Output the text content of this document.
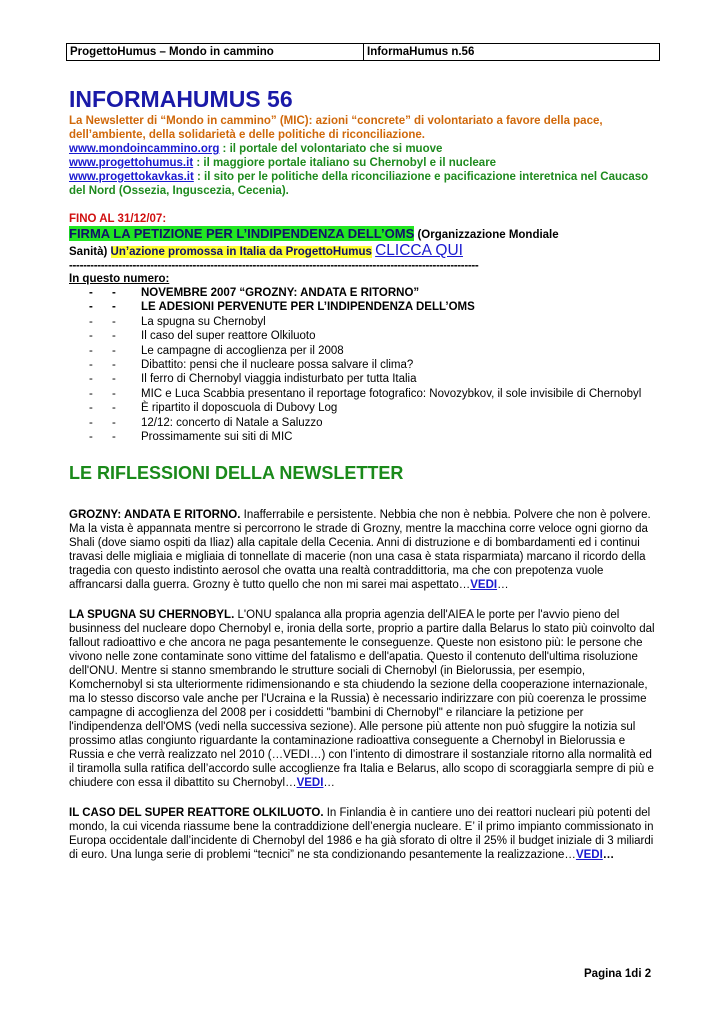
ProgettoHumus – Mondo in cammino	InformaHumus n.56
INFORMAHUMUS 56
La Newsletter di “Mondo in cammino” (MIC): azioni “concrete” di volontariato a favore della pace, dell’ambiente, della solidarietà e delle politiche di riconciliazione.
www.mondoincammino.org : il portale del volontariato che si muove
www.progettohumus.it : il maggiore portale italiano su Chernobyl e il nucleare
www.progettokavkas.it : il sito per le politiche della riconciliazione e pacificazione interetnica nel Caucaso del Nord (Ossezia, Inguscezia, Cecenia).
FINO AL 31/12/07:
FIRMA LA PETIZIONE PER L’INDIPENDENZA DELL’OMS (Organizzazione Mondiale
Sanità) Un’azione promossa in Italia da ProgettoHumus CLICCA QUI
--------------------------------------------------------------------------------------------------------------------
In questo numero:
- - NOVEMBRE 2007 “GROZNY: ANDATA E RITORNO”
- - LE ADESIONI PERVENUTE PER L’INDIPENDENZA DELL’OMS
- - La spugna su Chernobyl
- - Il caso del super reattore Olkiluoto
- - Le campagne di accoglienza per il 2008
- - Dibattito: pensi che il nucleare possa salvare il clima?
- - Il ferro di Chernobyl viaggia indisturbato per tutta Italia
- - MIC e Luca Scabbia presentano il reportage fotografico: Novozybkov, il sole invisibile di Chernobyl
- - È ripartito il doposcuola di Dubovy Log
- - 12/12: concerto di Natale a Saluzzo
- - Prossimamente sui siti di MIC
LE RIFLESSIONI DELLA NEWSLETTER

GROZNY: ANDATA E RITORNO. Inafferrabile e persistente. Nebbia che non è nebbia. Polvere che non è polvere. Ma la vista è appannata mentre si percorrono le strade di Grozny, mentre la macchina corre veloce ogni giorno da Shali (dove siamo ospiti da Iliaz) alla capitale della Cecenia. Anni di distruzione e di bombardamenti ed i continui travasi delle migliaia e migliaia di tonnellate di macerie (non una casa è stata risparmiata) marcano il ricordo della tragedia con questo indistinto aerosol che ovatta una realtà contraddittoria, ma che con prepotenza vuole affrancarsi dalla guerra. Grozny è tutto quello che non mi sarei mai aspettato…VEDI…

LA SPUGNA SU CHERNOBYL. L'ONU spalanca alla propria agenzia dell'AIEA le porte per l'avvio pieno del businness del nucleare dopo Chernobyl e, ironia della sorte, proprio a partire dalla Belarus lo stato più coinvolto dal fallout radioattivo e che ancora ne paga pesantemente le conseguenze. Queste non esistono più: le persone che vivono nelle zone contaminate sono vittime del fatalismo e dell'apatia. Questo il contenuto dell'ultima risoluzione dell'ONU. Mentre si stanno smembrando le strutture sociali di Chernobyl (in Bielorussia, per esempio, Komchernobyl si sta ulteriormente ridimensionando e sta chiudendo la sezione della cooperazione internazionale, ma lo stesso discorso vale anche per l'Ucraina e la Russia) è necessario indirizzare con più coerenza le prossime campagne di accoglienza del 2008 per i cosiddetti "bambini di Chernobyl" e rilanciare la petizione per l'indipendenza dell'OMS (vedi nella successiva sezione). Alle persone più attente non può sfuggire la notizia sul prossimo atlas congiunto riguardante la contaminazione radioattiva conseguente a Chernobyl in Bielorussia e Russia e che verrà realizzato nel 2010 (…VEDI…) con l’intento di dimostrare il sostanziale ritorno alla normalità ed il tiramolla sulla ratifica dell’accordo sulle accoglienze fra Italia e Belarus, allo scopo di scoraggiarla sempre di più e chiudere con essa il dibattito su Chernobyl…VEDI…

IL CASO DEL SUPER REATTORE OLKILUOTO. In Finlandia è in cantiere uno dei reattori nucleari più potenti del mondo, la cui vicenda riassume bene la contraddizione dell’energia nucleare. E’ il primo impianto commissionato in Europa occidentale dall’incidente di Chernobyl del 1986 e ha già sforato di oltre il 25% il budget iniziale di 3 miliardi di euro. Una lunga serie di problemi “tecnici” ne sta condizionando pesantemente la realizzazione…VEDI…

Pagina 1di 2
